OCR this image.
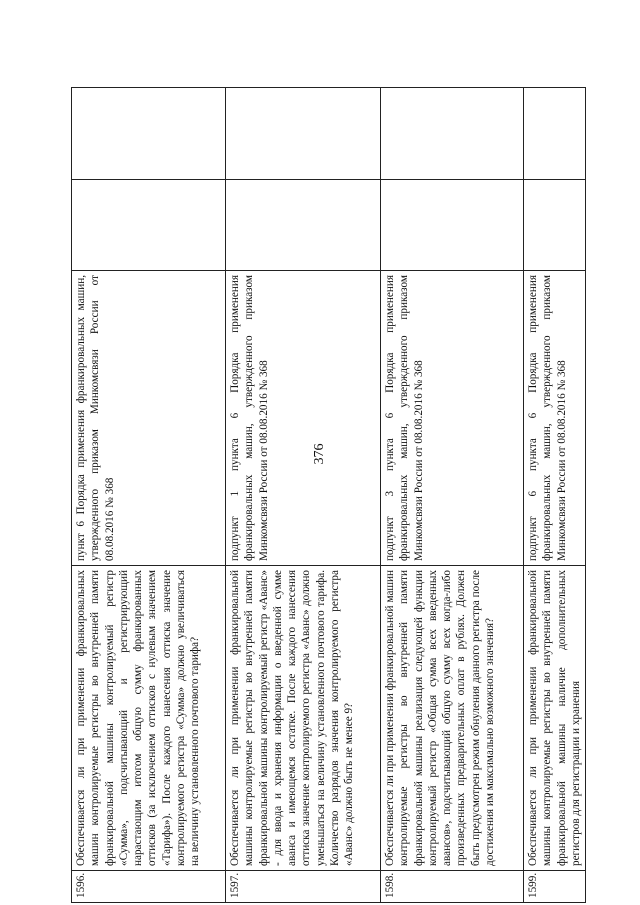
376
1596.	Обеспечивается ли при применении франкировальных машин контролируемые регистры во внутренней памяти франкировальной машины контролируемый регистр «Сумма», подсчитывающий и регистрирующий нарастающим итогом общую сумму франкированных оттисков (за исключением оттисков с нулевым значением «Тарифа»). После каждого нанесения оттиска значение контролируемого регистра «Сумма» должно увеличиваться на величину установленного почтового тарифа?	пункт 6 Порядка применения франкировальных машин, утвержденного приказом Минкомсвязи России от 08.08.2016 № 368		
1597.	Обеспечивается ли при применении франкировальной машины контролируемые регистры во внутренней памяти франкировальной машины контролируемый регистр «Аванс» - для ввода и хранения информации о введенной сумме аванса и имеющемся остатке. После каждого нанесения оттиска значение контролируемого регистра «Аванс» должно уменьшаться на величину установленного почтового тарифа. Количество разрядов значения контролируемого регистра «Аванс» должно быть не менее 9?	подпункт 1 пункта 6 Порядка применения франкировальных машин, утвержденного приказом Минкомсвязи России от 08.08.2016 № 368		
1598.	Обеспечивается ли при применении франкировальной машин контролируемые регистры во внутренней памяти франкировальной машины реализация следующей функции контролируемый регистр «Общая сумма всех введенных авансов», подсчитывающий общую сумму всех когда-либо произведенных предварительных оплат в рублях. Должен быть предусмотрен режим обнуления данного регистра после достижения им максимально возможного значения?	подпункт 3 пункта 6 Порядка применения франкировальных машин, утвержденного приказом Минкомсвязи России от 08.08.2016 № 368		
1599.	Обеспечивается ли при применении франкировальной машины контролируемые регистры во внутренней памяти франкировальной машины наличие дополнительных регистров для регистрации и хранения	подпункт 6 пункта 6 Порядка применения франкировальных машин, утвержденного приказом Минкомсвязи России от 08.08.2016 № 368		
